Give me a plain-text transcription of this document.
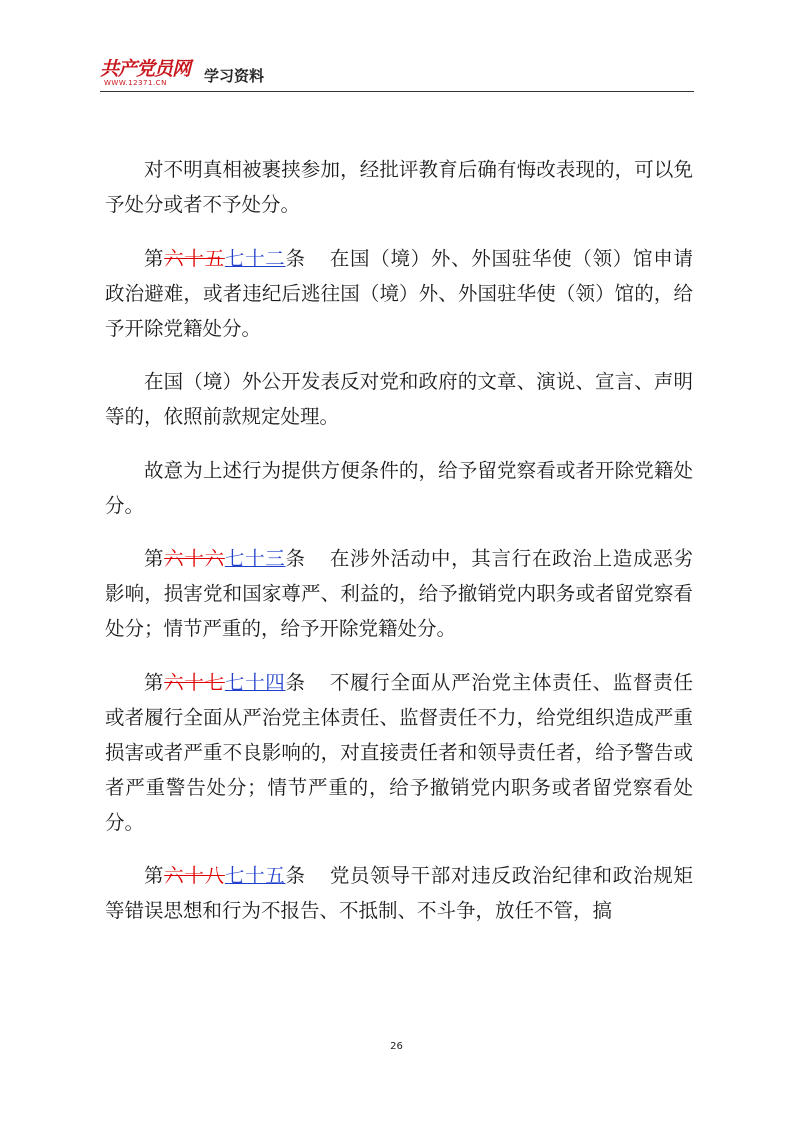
共产党员网
WWW.12371.CN 学习资料

对不明真相被裹挟参加，经批评教育后确有悔改表现的，可以免予处分或者不予处分。

第六十五七十二条 在国（境）外、外国驻华使（领）馆申请政治避难，或者违纪后逃往国（境）外、外国驻华使（领）馆的，给予开除党籍处分。

在国（境）外公开发表反对党和政府的文章、演说、宣言、声明等的，依照前款规定处理。

故意为上述行为提供方便条件的，给予留党察看或者开除党籍处分。

第六十六七十三条 在涉外活动中，其言行在政治上造成恶劣影响，损害党和国家尊严、利益的，给予撤销党内职务或者留党察看处分；情节严重的，给予开除党籍处分。

第六十七七十四条 不履行全面从严治党主体责任、监督责任或者履行全面从严治党主体责任、监督责任不力，给党组织造成严重损害或者严重不良影响的，对直接责任者和领导责任者，给予警告或者严重警告处分；情节严重的，给予撤销党内职务或者留党察看处分。

第六十八七十五条 党员领导干部对违反政治纪律和政治规矩等错误思想和行为不报告、不抵制、不斗争，放任不管，搞

26
